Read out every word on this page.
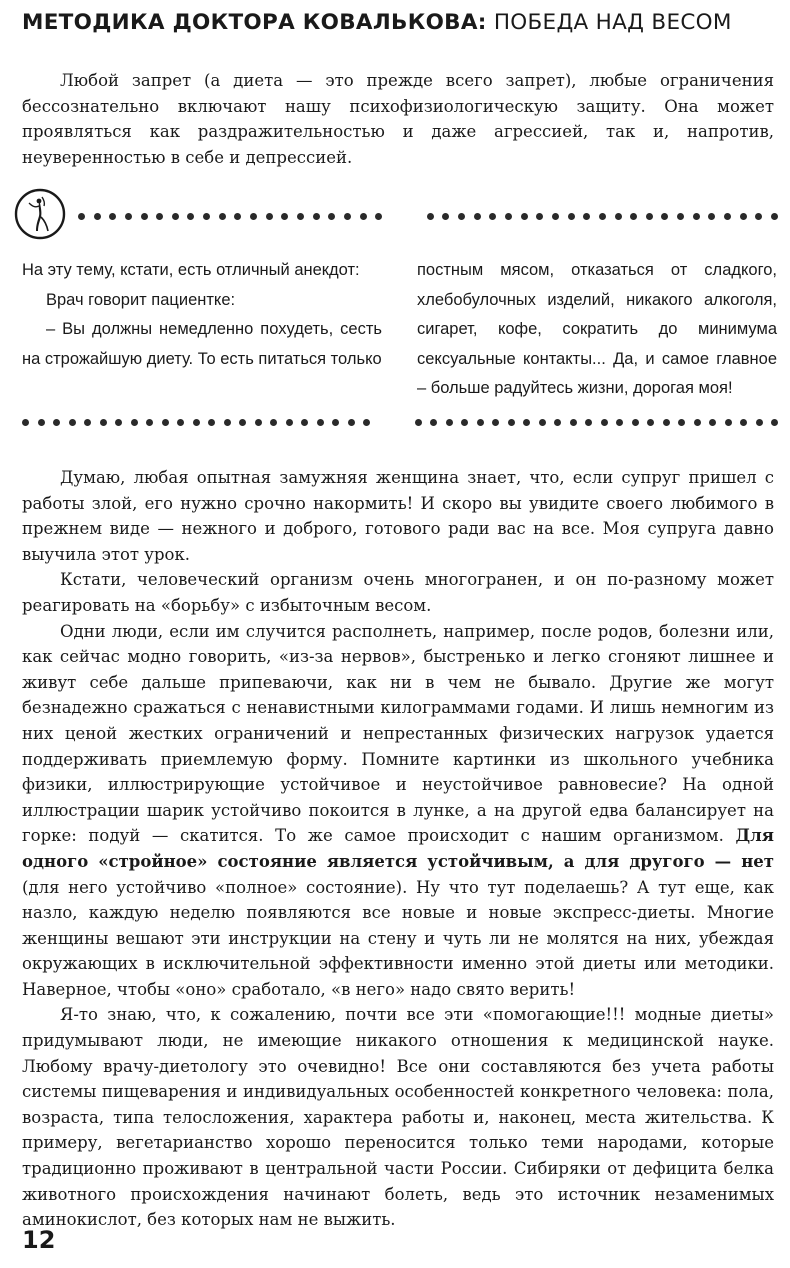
МЕТОДИКА ДОКТОРА КОВАЛЬКОВА: ПОБЕДА НАД ВЕСОМ

Любой запрет (а диета — это прежде всего запрет), любые ограничения бессознательно включают нашу психофизиологическую защиту. Она может проявляться как раздражительностью и даже агрессией, так и, напротив, неуверенностью в себе и депрессией.

На эту тему, кстати, есть отличный анекдот:

Врач говорит пациентке:

– Вы должны немедленно похудеть, сесть на строжайшую диету. То есть питаться только

постным мясом, отказаться от сладкого, хлебобулочных изделий, никакого алкоголя, сигарет, кофе, сократить до минимума сексуальные контакты... Да, и самое главное – больше радуйтесь жизни, дорогая моя!

Думаю, любая опытная замужняя женщина знает, что, если супруг пришел с работы злой, его нужно срочно накормить! И скоро вы увидите своего любимого в прежнем виде — нежного и доброго, готового ради вас на все. Моя супруга давно выучила этот урок.

Кстати, человеческий организм очень многогранен, и он по-разному может реагировать на «борьбу» с избыточным весом.

Одни люди, если им случится располнеть, например, после родов, болезни или, как сейчас модно говорить, «из-за нервов», быстренько и легко сгоняют лишнее и живут себе дальше припеваючи, как ни в чем не бывало. Другие же могут безнадежно сражаться с ненавистными килограммами годами. И лишь немногим из них ценой жестких ограничений и непрестанных физических нагрузок удается поддерживать приемлемую форму. Помните картинки из школьного учебника физики, иллюстрирующие устойчивое и неустойчивое равновесие? На одной иллюстрации шарик устойчиво покоится в лунке, а на другой едва балансирует на горке: подуй — скатится. То же самое происходит с нашим организмом. Для одного «стройное» состояние является устойчивым, а для другого — нет (для него устойчиво «полное» состояние). Ну что тут поделаешь? А тут еще, как назло, каждую неделю появляются все новые и новые экспресс-диеты. Многие женщины вешают эти инструкции на стену и чуть ли не молятся на них, убеждая окружающих в исключительной эффективности именно этой диеты или методики. Наверное, чтобы «оно» сработало, «в него» надо свято верить!

Я-то знаю, что, к сожалению, почти все эти «помогающие!!! модные диеты» придумывают люди, не имеющие никакого отношения к медицинской науке. Любому врачу-диетологу это очевидно! Все они составляются без учета работы системы пищеварения и индивидуальных особенностей конкретного человека: пола, возраста, типа телосложения, характера работы и, наконец, места жительства. К примеру, вегетарианство хорошо переносится только теми народами, которые традиционно проживают в центральной части России. Сибиряки от дефицита белка животного происхождения начинают болеть, ведь это источник незаменимых аминокислот, без которых нам не выжить.

12
